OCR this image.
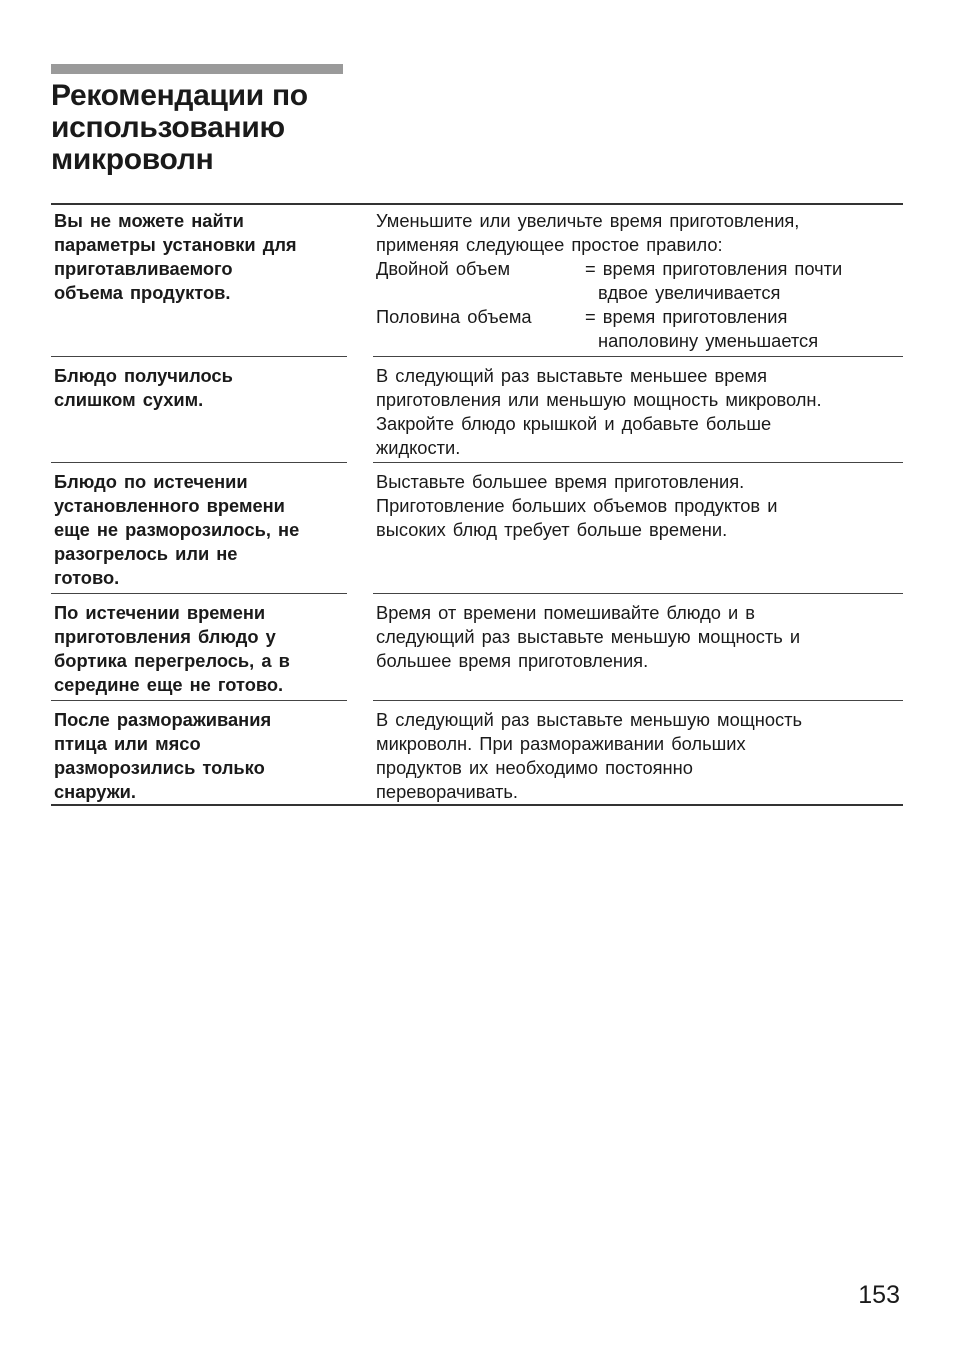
Рекомендации по
использованию
микроволн
Вы не можете найти
параметры установки для
приготавливаемого
объема продуктов.
Уменьшите или увеличьте время приготовления,
применяя следующее простое правило:
Двойной объем	= время приготовления почти
вдвое увеличивается
Половина объема	= время приготовления
наполовину уменьшается
Блюдо получилось
слишком сухим.
В следующий раз выставьте меньшее время
приготовления или меньшую мощность микроволн.
Закройте блюдо крышкой и добавьте больше
жидкости.
Блюдо по истечении
установленного времени
еще не разморозилось, не
разогрелось или не
готово.
Выставьте большее время приготовления.
Приготовление больших объемов продуктов и
высоких блюд требует больше времени.
По истечении времени
приготовления блюдо у
бортика перегрелось, а в
середине еще не готово.
Время от времени помешивайте блюдо и в
следующий раз выставьте меньшую мощность и
большее время приготовления.
После размораживания
птица или мясо
разморозились только
снаружи.
В следующий раз выставьте меньшую мощность
микроволн. При размораживании больших
продуктов их необходимо постоянно
переворачивать.
153
